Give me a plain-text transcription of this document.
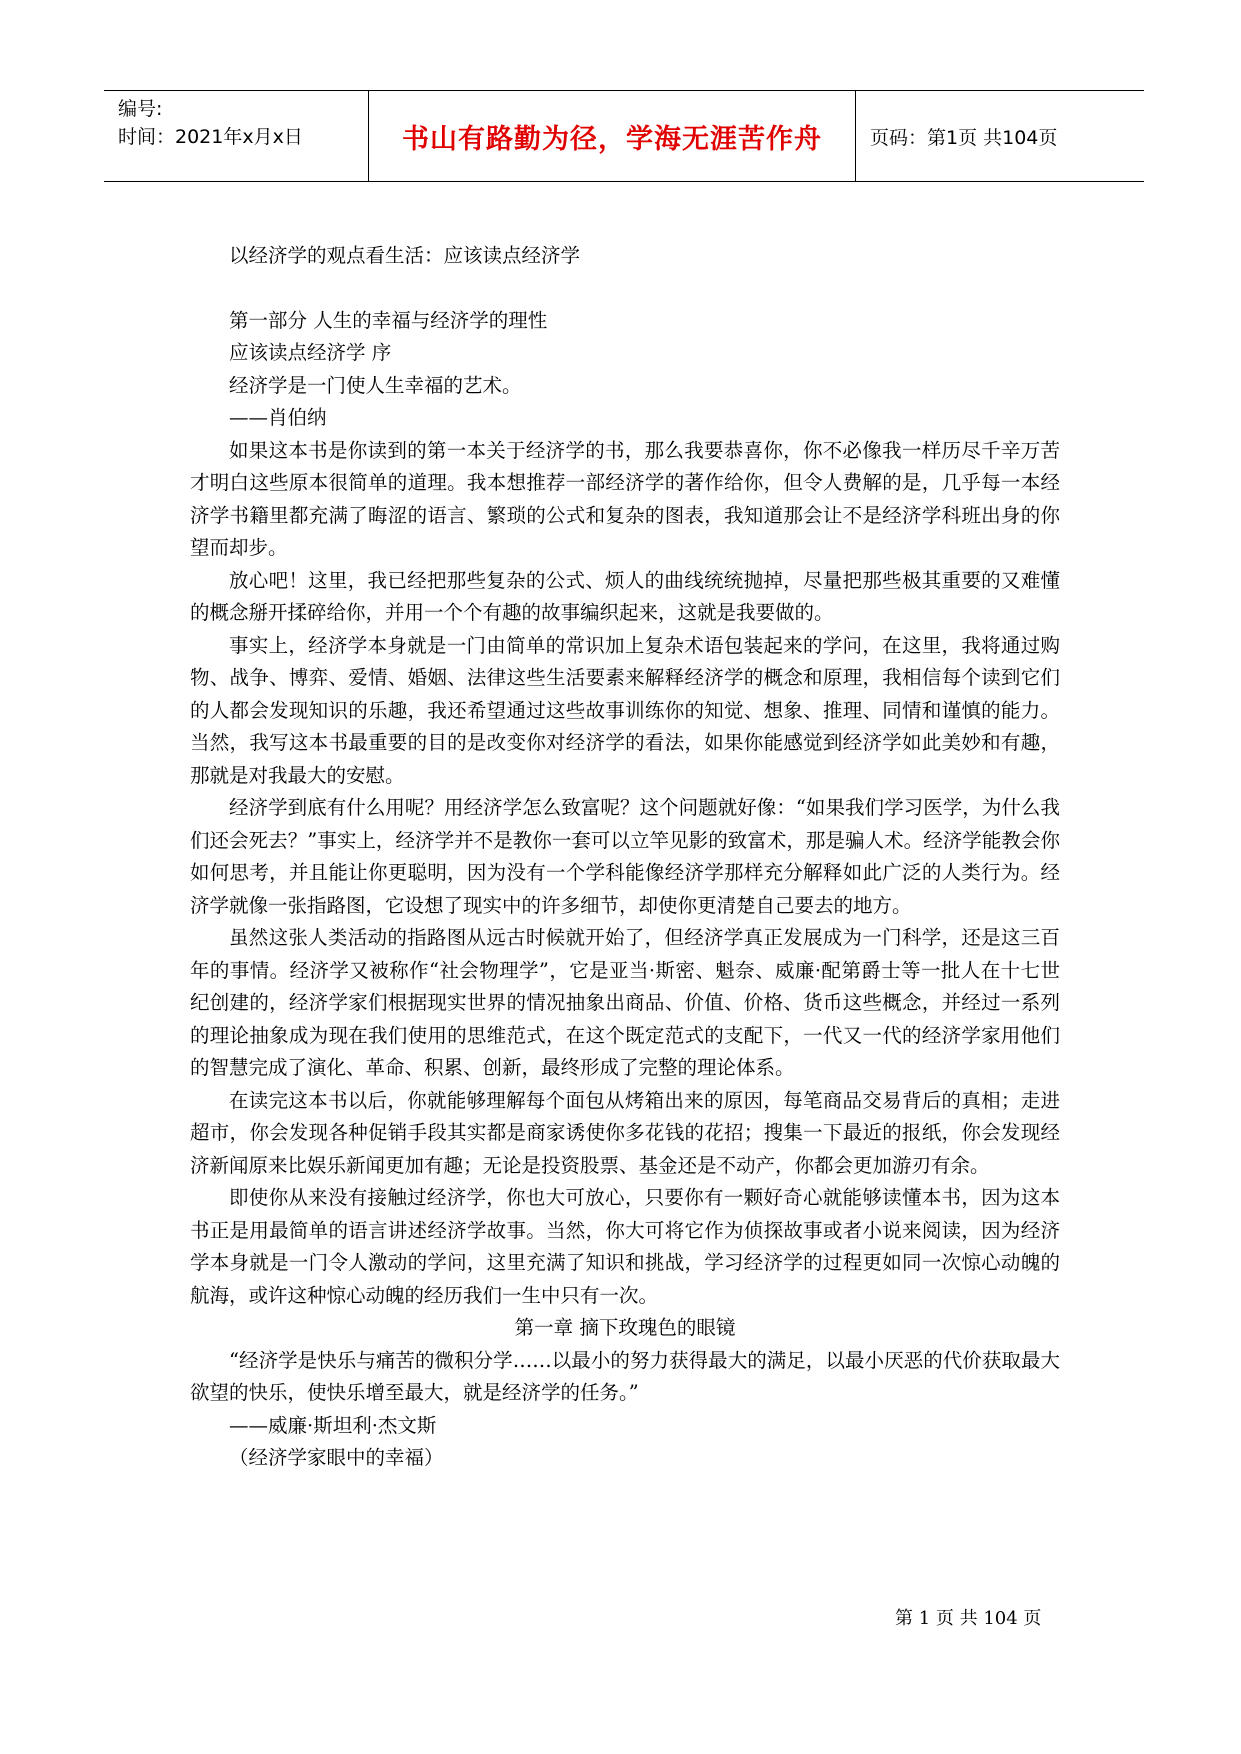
编号:
时间：2021年x月x日	书山有路勤为径，学海无涯苦作舟	页码：第1页 共104页
以经济学的观点看生活：应该读点经济学
第一部分 人生的幸福与经济学的理性
应该读点经济学 序
经济学是一门使人生幸福的艺术。
——肖伯纳

如果这本书是你读到的第一本关于经济学的书，那么我要恭喜你，你不必像我一样历尽千辛万苦才明白这些原本很简单的道理。我本想推荐一部经济学的著作给你，但令人费解的是，几乎每一本经济学书籍里都充满了晦涩的语言、繁琐的公式和复杂的图表，我知道那会让不是经济学科班出身的你望而却步。

放心吧！这里，我已经把那些复杂的公式、烦人的曲线统统抛掉，尽量把那些极其重要的又难懂的概念掰开揉碎给你，并用一个个有趣的故事编织起来，这就是我要做的。

事实上，经济学本身就是一门由简单的常识加上复杂术语包装起来的学问，在这里，我将通过购物、战争、博弈、爱情、婚姻、法律这些生活要素来解释经济学的概念和原理，我相信每个读到它们的人都会发现知识的乐趣，我还希望通过这些故事训练你的知觉、想象、推理、同情和谨慎的能力。当然，我写这本书最重要的目的是改变你对经济学的看法，如果你能感觉到经济学如此美妙和有趣，那就是对我最大的安慰。

经济学到底有什么用呢？用经济学怎么致富呢？这个问题就好像：“如果我们学习医学，为什么我们还会死去？”事实上，经济学并不是教你一套可以立竿见影的致富术，那是骗人术。经济学能教会你如何思考，并且能让你更聪明，因为没有一个学科能像经济学那样充分解释如此广泛的人类行为。经济学就像一张指路图，它设想了现实中的许多细节，却使你更清楚自己要去的地方。

虽然这张人类活动的指路图从远古时候就开始了，但经济学真正发展成为一门科学，还是这三百年的事情。经济学又被称作“社会物理学”，它是亚当·斯密、魁奈、威廉·配第爵士等一批人在十七世纪创建的，经济学家们根据现实世界的情况抽象出商品、价值、价格、货币这些概念，并经过一系列的理论抽象成为现在我们使用的思维范式，在这个既定范式的支配下，一代又一代的经济学家用他们的智慧完成了演化、革命、积累、创新，最终形成了完整的理论体系。

在读完这本书以后，你就能够理解每个面包从烤箱出来的原因，每笔商品交易背后的真相；走进超市，你会发现各种促销手段其实都是商家诱使你多花钱的花招；搜集一下最近的报纸，你会发现经济新闻原来比娱乐新闻更加有趣；无论是投资股票、基金还是不动产，你都会更加游刃有余。

即使你从来没有接触过经济学，你也大可放心，只要你有一颗好奇心就能够读懂本书，因为这本书正是用最简单的语言讲述经济学故事。当然，你大可将它作为侦探故事或者小说来阅读，因为经济学本身就是一门令人激动的学问，这里充满了知识和挑战，学习经济学的过程更如同一次惊心动魄的航海，或许这种惊心动魄的经历我们一生中只有一次。

第一章 摘下玫瑰色的眼镜

“经济学是快乐与痛苦的微积分学……以最小的努力获得最大的满足，以最小厌恶的代价获取最大欲望的快乐，使快乐增至最大，就是经济学的任务。”

——威廉·斯坦利·杰文斯
（经济学家眼中的幸福）
第 1 页 共 104 页
